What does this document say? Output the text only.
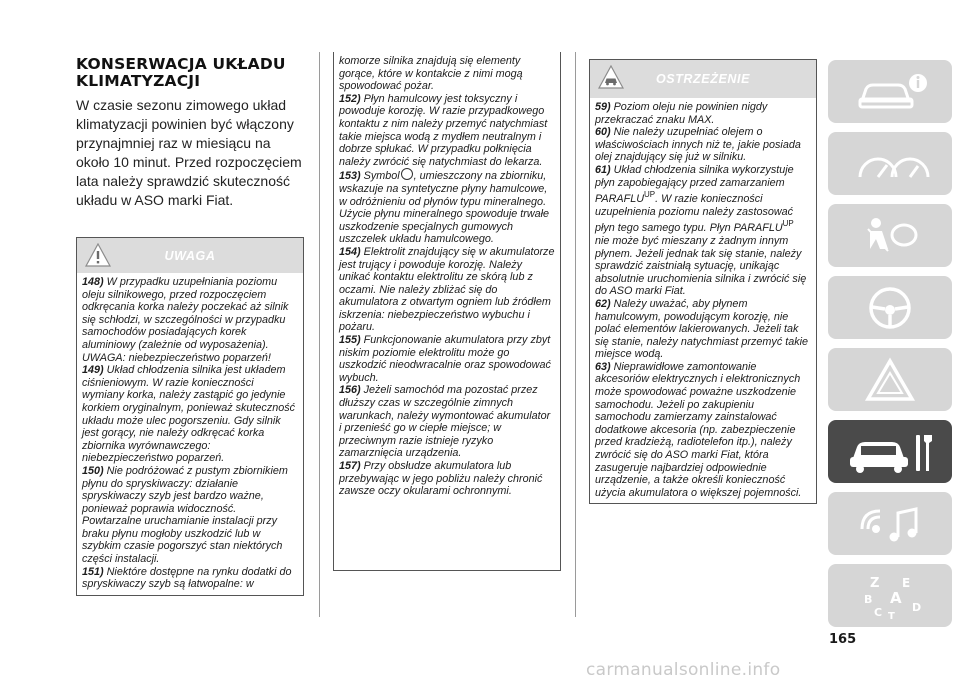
KONSERWACJA UKŁADU
KLIMATYZACJI

W czasie sezonu zimowego układ klimatyzacji powinien być włączony przynajmniej raz w miesiącu na około 10 minut. Przed rozpoczęciem lata należy sprawdzić skuteczność układu w ASO marki Fiat.

UWAGA

148) W przypadku uzupełniania poziomu oleju silnikowego, przed rozpoczęciem odkręcania korka należy poczekać aż silnik się schłodzi, w szczególności w przypadku samochodów posiadających korek aluminiowy (zależnie od wyposażenia). UWAGA: niebezpieczeństwo poparzeń!

149) Układ chłodzenia silnika jest układem ciśnieniowym. W razie konieczności wymiany korka, należy zastąpić go jedynie korkiem oryginalnym, ponieważ skuteczność układu może ulec pogorszeniu. Gdy silnik jest gorący, nie należy odkręcać korka zbiornika wyrównawczego: niebezpieczeństwo poparzeń.

150) Nie podróżować z pustym zbiornikiem płynu do spryskiwaczy: działanie spryskiwaczy szyb jest bardzo ważne, ponieważ poprawia widoczność. Powtarzalne uruchamianie instalacji przy braku płynu mogłoby uszkodzić lub w szybkim czasie pogorszyć stan niektórych części instalacji.

151) Niektóre dostępne na rynku dodatki do spryskiwaczy szyb są łatwopalne: w

komorze silnika znajdują się elementy gorące, które w kontakcie z nimi mogą spowodować pożar.

152) Płyn hamulcowy jest toksyczny i powoduje korozję. W razie przypadkowego kontaktu z nim należy przemyć natychmiast takie miejsca wodą z mydłem neutralnym i dobrze spłukać. W przypadku połknięcia należy zwrócić się natychmiast do lekarza.

153) Symbol , umieszczony na zbiorniku, wskazuje na syntetyczne płyny hamulcowe, w odróżnieniu od płynów typu mineralnego. Użycie płynu mineralnego spowoduje trwałe uszkodzenie specjalnych gumowych uszczelek układu hamulcowego.

154) Elektrolit znajdujący się w akumulatorze jest trujący i powoduje korozję. Należy unikać kontaktu elektrolitu ze skórą lub z oczami. Nie należy zbliżać się do akumulatora z otwartym ogniem lub źródłem iskrzenia: niebezpieczeństwo wybuchu i pożaru.

155) Funkcjonowanie akumulatora przy zbyt niskim poziomie elektrolitu może go uszkodzić nieodwracalnie oraz spowodować wybuch.

156) Jeżeli samochód ma pozostać przez dłuższy czas w szczególnie zimnych warunkach, należy wymontować akumulator i przenieść go w ciepłe miejsce; w przeciwnym razie istnieje ryzyko zamarznięcia urządzenia.

157) Przy obsłudze akumulatora lub przebywając w jego pobliżu należy chronić zawsze oczy okularami ochronnymi.

OSTRZEŻENIE

59) Poziom oleju nie powinien nigdy przekraczać znaku MAX.

60) Nie należy uzupełniać olejem o właściwościach innych niż te, jakie posiada olej znajdujący się już w silniku.

61) Układ chłodzenia silnika wykorzystuje płyn zapobiegający przed zamarzaniem $PARAFLU^{UP}$. W razie konieczności uzupełnienia poziomu należy zastosować płyn tego samego typu. Płyn $PARAFLU^{UP}$ nie może być mieszany z żadnym innym płynem. Jeżeli jednak tak się stanie, należy sprawdzić zaistniałą sytuację, unikając absolutnie uruchomienia silnika i zwrócić się do ASO marki Fiat.

62) Należy uważać, aby płynem hamulcowym, powodującym korozję, nie polać elementów lakierowanych. Jeżeli tak się stanie, należy natychmiast przemyć takie miejsce wodą.

63) Nieprawidłowe zamontowanie akcesoriów elektrycznych i elektronicznych może spowodować poważne uszkodzenie samochodu. Jeżeli po zakupieniu samochodu zamierzamy zainstalować dodatkowe akcesoria (np. zabezpieczenie przed kradzieżą, radiotelefon itp.), należy zwrócić się do ASO marki Fiat, która zasugeruje najbardziej odpowiednie urządzenie, a także określi konieczność użycia akumulatora o większej pojemności.

Z E
B A
C	D
T
165
carmanualsonline.info
